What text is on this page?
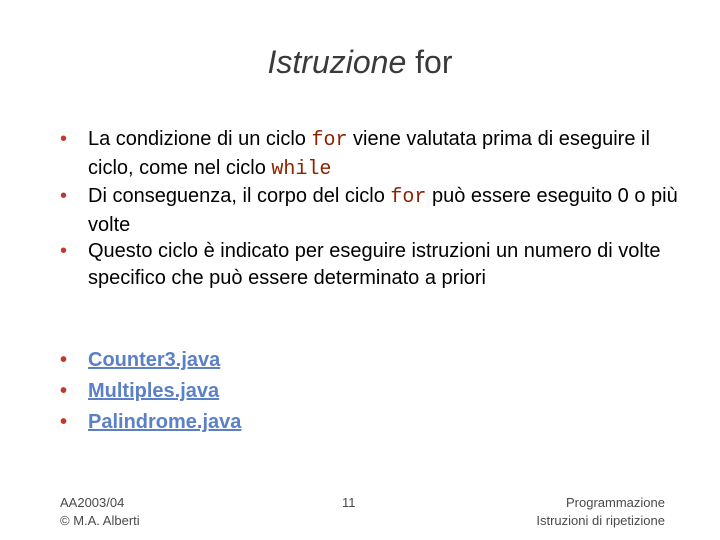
Istruzione for
• La condizione di un ciclo for viene valutata prima di eseguire il ciclo, come nel ciclo while
• Di conseguenza, il corpo del ciclo for può essere eseguito 0 o più volte
• Questo ciclo è indicato per eseguire istruzioni un numero di volte specifico che può essere determinato a priori
• Counter3.java
• Multiples.java
• Palindrome.java
AA2003/04
© M.A. Alberti
11	Programmazione
Istruzioni di ripetizione
